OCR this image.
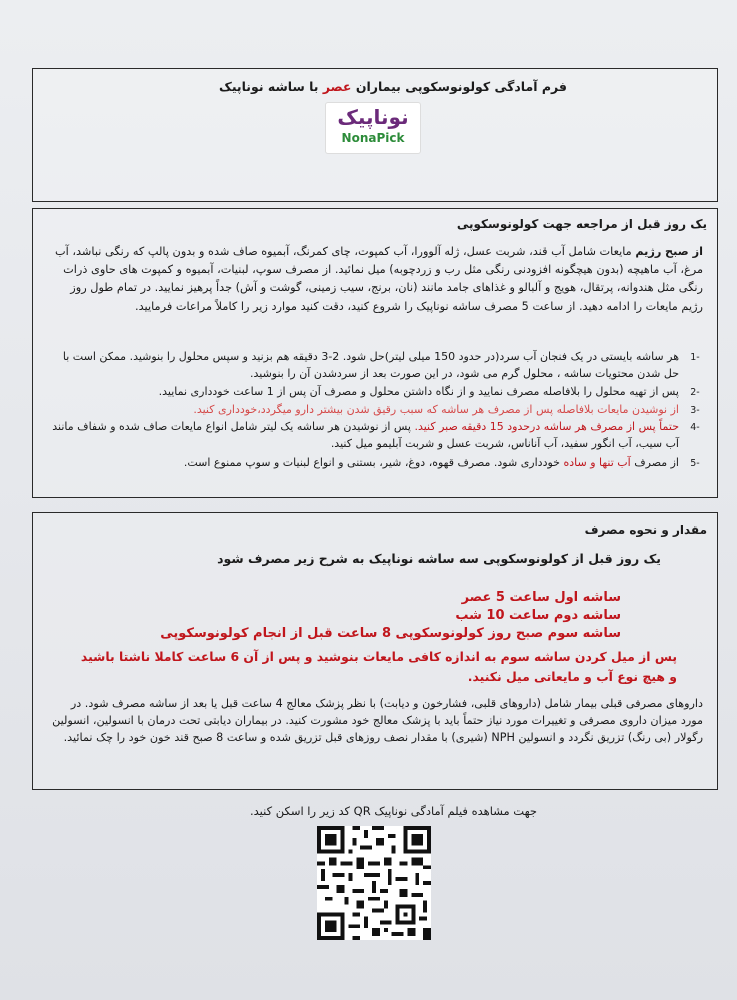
فرم آمادگی کولونوسکوپی بیماران عصر با ساشه نوناپیک
نوناپیک
NonaPick
یک روز قبل از مراجعه جهت کولونوسکوپی
از صبح رژیم مایعات شامل آب قند، شربت عسل، ژله آلوورا، آب کمپوت، چای کمرنگ، آبمیوه صاف شده و بدون پالپ که رنگی نباشد، آب مرغ، آب ماهیچه (بدون هیچگونه افزودنی رنگی مثل رب و زردچوبه) میل نمائید. از مصرف سوپ، لبنیات، آبمیوه و کمپوت های حاوی ذرات رنگی مثل هندوانه، پرتقال، هویج و آلبالو و غذاهای جامد مانند (نان، برنج، سیب زمینی، گوشت و آش) جداً پرهیز نمایید. در تمام طول روز رژیم مایعات را ادامه دهید. از ساعت 5 مصرف ساشه نوناپیک را شروع کنید، دقت کنید موارد زیر را کاملاً مراعات فرمایید.
-1
هر ساشه بایستی در یک فنجان آب سرد(در حدود 150 میلی لیتر)حل شود. 2-3 دقیقه هم بزنید و سپس محلول را بنوشید. ممکن است با حل شدن محتویات ساشه ، محلول گرم می شود، در این صورت بعد از سردشدن آن را بنوشید.
-2
پس از تهیه محلول را بلافاصله مصرف نمایید و از نگاه داشتن محلول و مصرف آن پس از 1 ساعت خودداری نمایید.
-3
از نوشیدن مایعات بلافاصله پس از مصرف هر ساشه که سبب رقیق شدن بیشتر دارو میگردد،خودداری کنید.
-4
حتماً پس از مصرف هر ساشه درحدود 15 دقیقه صبر کنید. پس از نوشیدن هر ساشه یک لیتر شامل انواع مایعات صاف شده و شفاف مانند آب سیب، آب انگور سفید، آب آناناس، شربت عسل و شربت آبلیمو میل کنید.
-5
از مصرف آب تنها و ساده خودداری شود. مصرف قهوه، دوغ، شیر، بستنی و انواع لبنیات و سوپ ممنوع است.
مقدار و نحوه مصرف
یک روز قبل از کولونوسکوپی سه ساشه نوناپیک به شرح زیر مصرف شود
ساشه اول ساعت 5 عصر
ساشه دوم ساعت 10 شب
ساشه سوم صبح روز کولونوسکوپی 8 ساعت قبل از انجام کولونوسکوپی
پس از میل کردن ساشه سوم به اندازه کافی مایعات بنوشید و پس از آن 6 ساعت کاملا ناشتا باشید و هیچ نوع آب و مایعاتی میل نکنید.
داروهای مصرفی قبلی بیمار شامل (داروهای قلبی، فشارخون و دیابت) با نظر پزشک معالج 4 ساعت قبل یا بعد از ساشه مصرف شود. در مورد میزان داروی مصرفی و تغییرات مورد نیاز حتماً باید با پزشک معالج خود مشورت کنید. در بیماران دیابتی تحت درمان با انسولین، انسولین رگولار (بی رنگ) تزریق نگردد و انسولین NPH (شیری) با مقدار نصف روزهای قبل تزریق شده و ساعت 8 صبح قند خون خود را چک نمائید.
جهت مشاهده فیلم آمادگی نوناپیک QR کد زیر را اسکن کنید.
